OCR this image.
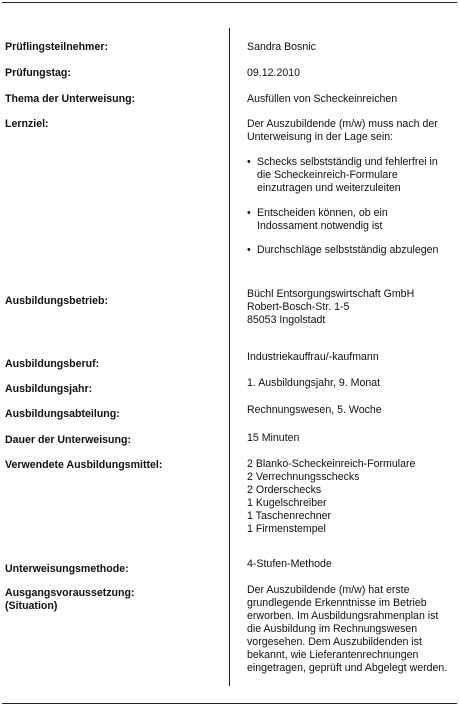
Prüflingsteilnehmer:	Sandra Bosnic
Prüfungstag:	09.12.2010
Thema der Unterweisung:	Ausfüllen von Scheckeinreichen
Lernziel:	Der Auszubildende (m/w) muss nach der
Unterweisung in der Lage sein:
• Schecks selbstständig und fehlerfrei in
die Scheckeinreich-Formulare
einzutragen und weiterzuleiten
• Entscheiden können, ob ein
Indossament notwendig ist
• Durchschläge selbstständig abzulegen
Ausbildungsbetrieb:
Büchl Entsorgungswirtschaft GmbH
Robert-Bosch-Str. 1-5
85053 Ingolstadt
Ausbildungsberuf:
Industriekauffrau/-kaufmann
Ausbildungsjahr:	1. Ausbildungsjahr, 9. Monat
Ausbildungsabteilung:	Rechnungswesen, 5. Woche
Dauer der Unterweisung:	15 Minuten
Verwendete Ausbildungsmittel:	2 Blanko-Scheckeinreich-Formulare
2 Verrechnungsschecks
2 Orderschecks
1 Kugelschreiber
1 Taschenrechner
1 Firmenstempel
Unterweisungsmethode:	4-Stufen-Methode
Ausgangsvoraussetzung:
(Situation)
Der Auszubildende (m/w) hat erste
grundlegende Erkenntnisse im Betrieb
erworben. Im Ausbildungsrahmenplan ist
die Ausbildung im Rechnungswesen
vorgesehen. Dem Auszubildenden ist
bekannt, wie Lieferantenrechnungen
eingetragen, geprüft und Abgelegt werden.
